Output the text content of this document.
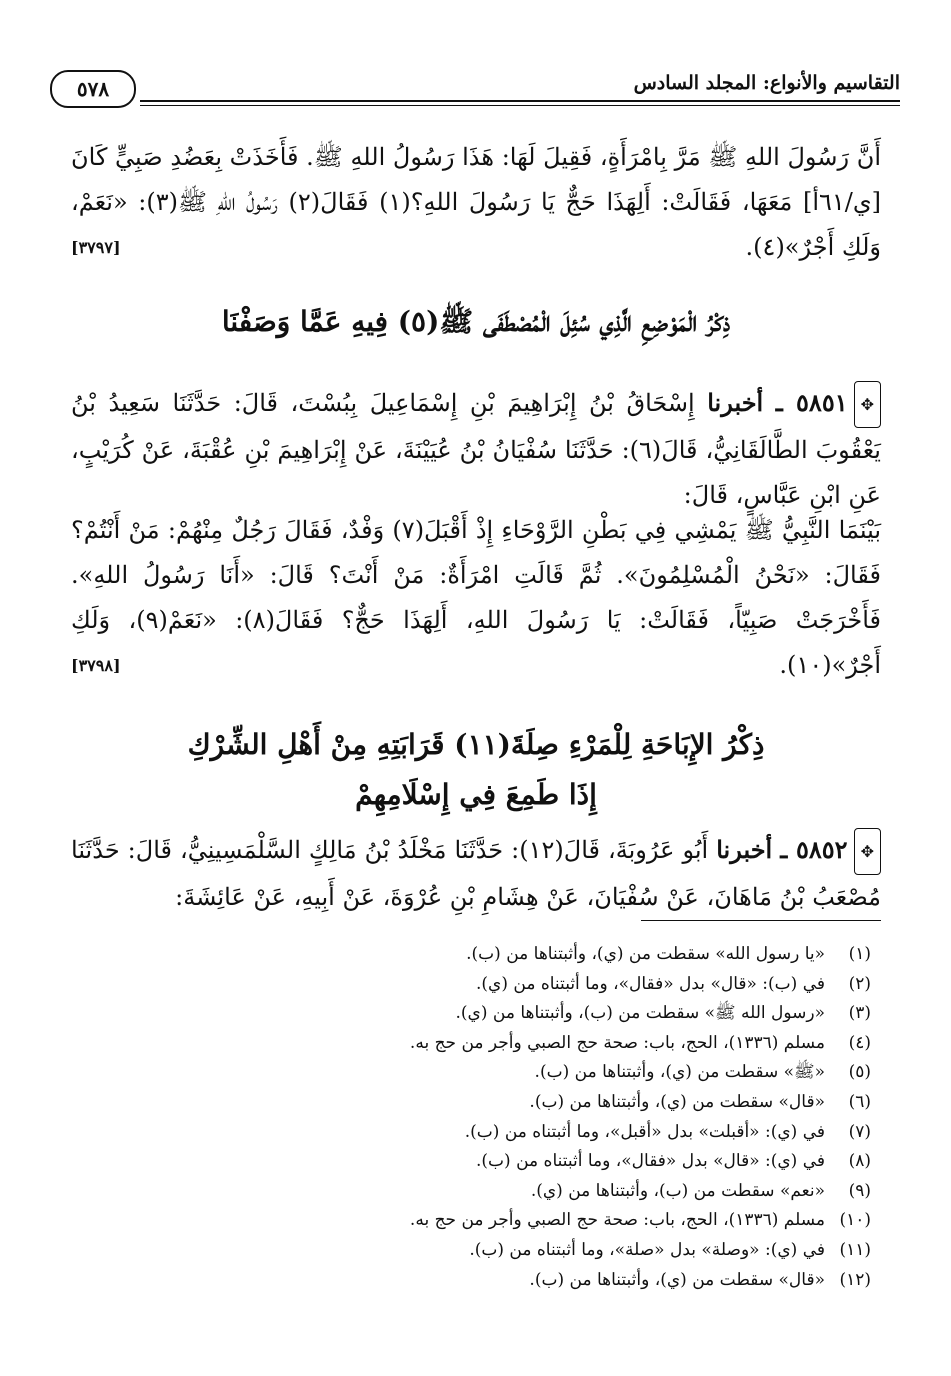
التقاسيم والأنواع: المجلد السادس
٥٧٨

أَنَّ رَسُولَ اللهِ ﷺ مَرَّ بِامْرَأَةٍ، فَقِيلَ لَهَا: هَذَا رَسُولُ اللهِ ﷺ. فَأَخَذَتْ بِعَضُدِ صَبِيٍّ كَانَ [ي/٦١أ] مَعَهَا، فَقَالَتْ: أَلِهَذَا حَجٌّ يَا رَسُولَ اللهِ؟(١) فَقَالَ(٢) رَسُولُ اللهِ ﷺ(٣): «نَعَمْ، وَلَكِ أَجْرٌ»(٤).

[٣٧٩٧]
ذِكْرُ الْمَوْضِعِ الَّذِي سُئِلَ الْمُصْطَفَى ﷺ(٥) فِيهِ عَمَّا وَصَفْنَا

✥٥٨٥١ ـ أخبرنا إِسْحَاقُ بْنُ إِبْرَاهِيمَ بْنِ إِسْمَاعِيلَ بِبُسْتَ، قَالَ: حَدَّثَنَا سَعِيدُ بْنُ يَعْقُوبَ الطَّالَقَانِيُّ، قَالَ(٦): حَدَّثَنَا سُفْيَانُ بْنُ عُيَيْنَةَ، عَنْ إِبْرَاهِيمَ بْنِ عُقْبَةَ، عَنْ كُرَيْبٍ، عَنِ ابْنِ عَبَّاسٍ، قَالَ:

بَيْنَمَا النَّبِيُّ ﷺ يَمْشِي فِي بَطْنِ الرَّوْحَاءِ إِذْ أَقْبَلَ(٧) وَفْدٌ، فَقَالَ رَجُلٌ مِنْهُمْ: مَنْ أَنْتُمْ؟ فَقَالَ: «نَحْنُ الْمُسْلِمُونَ». ثُمَّ قَالَتِ امْرَأَةٌ: مَنْ أَنْتَ؟ قَالَ: «أَنَا رَسُولُ اللهِ». فَأَخْرَجَتْ صَبِيّاً، فَقَالَتْ: يَا رَسُولَ اللهِ، أَلِهَذَا حَجٌّ؟ فَقَالَ(٨): «نَعَمْ(٩)، وَلَكِ أَجْرٌ»(١٠).

[٣٧٩٨]
ذِكْرُ الإِبَاحَةِ لِلْمَرْءِ صِلَةَ(١١) قَرَابَتِهِ مِنْ أَهْلِ الشِّرْكِ
إِذَا طَمِعَ فِي إِسْلَامِهِمْ

✥٥٨٥٢ ـ أخبرنا أَبُو عَرُوبَةَ، قَالَ(١٢): حَدَّثَنَا مَخْلَدُ بْنُ مَالِكٍ السَّلْمَسِينِيُّ، قَالَ: حَدَّثَنَا مُصْعَبُ بْنُ مَاهَانَ، عَنْ سُفْيَانَ، عَنْ هِشَامِ بْنِ عُرْوَةَ، عَنْ أَبِيهِ، عَنْ عَائِشَةَ:

(١)«يا رسول الله» سقطت من (ي)، وأثبتناها من (ب).
(٢)في (ب): «قال» بدل «فقال»، وما أثبتناه من (ي).
(٣)«رسول الله ﷺ» سقطت من (ب)، وأثبتناها من (ي).
(٤)مسلم (١٣٣٦)، الحج، باب: صحة حج الصبي وأجر من حج به.
(٥)«ﷺ» سقطت من (ي)، وأثبتناها من (ب).
(٦)«قال» سقطت من (ي)، وأثبتناها من (ب).
(٧)في (ي): «أقبلت» بدل «أقبل»، وما أثبتناه من (ب).
(٨)في (ي): «قال» بدل «فقال»، وما أثبتناه من (ب).
(٩)«نعم» سقطت من (ب)، وأثبتناها من (ي).
(١٠)مسلم (١٣٣٦)، الحج، باب: صحة حج الصبي وأجر من حج به.
(١١)في (ي): «وصلة» بدل «صلة»، وما أثبتناه من (ب).
(١٢)«قال» سقطت من (ي)، وأثبتناها من (ب).
